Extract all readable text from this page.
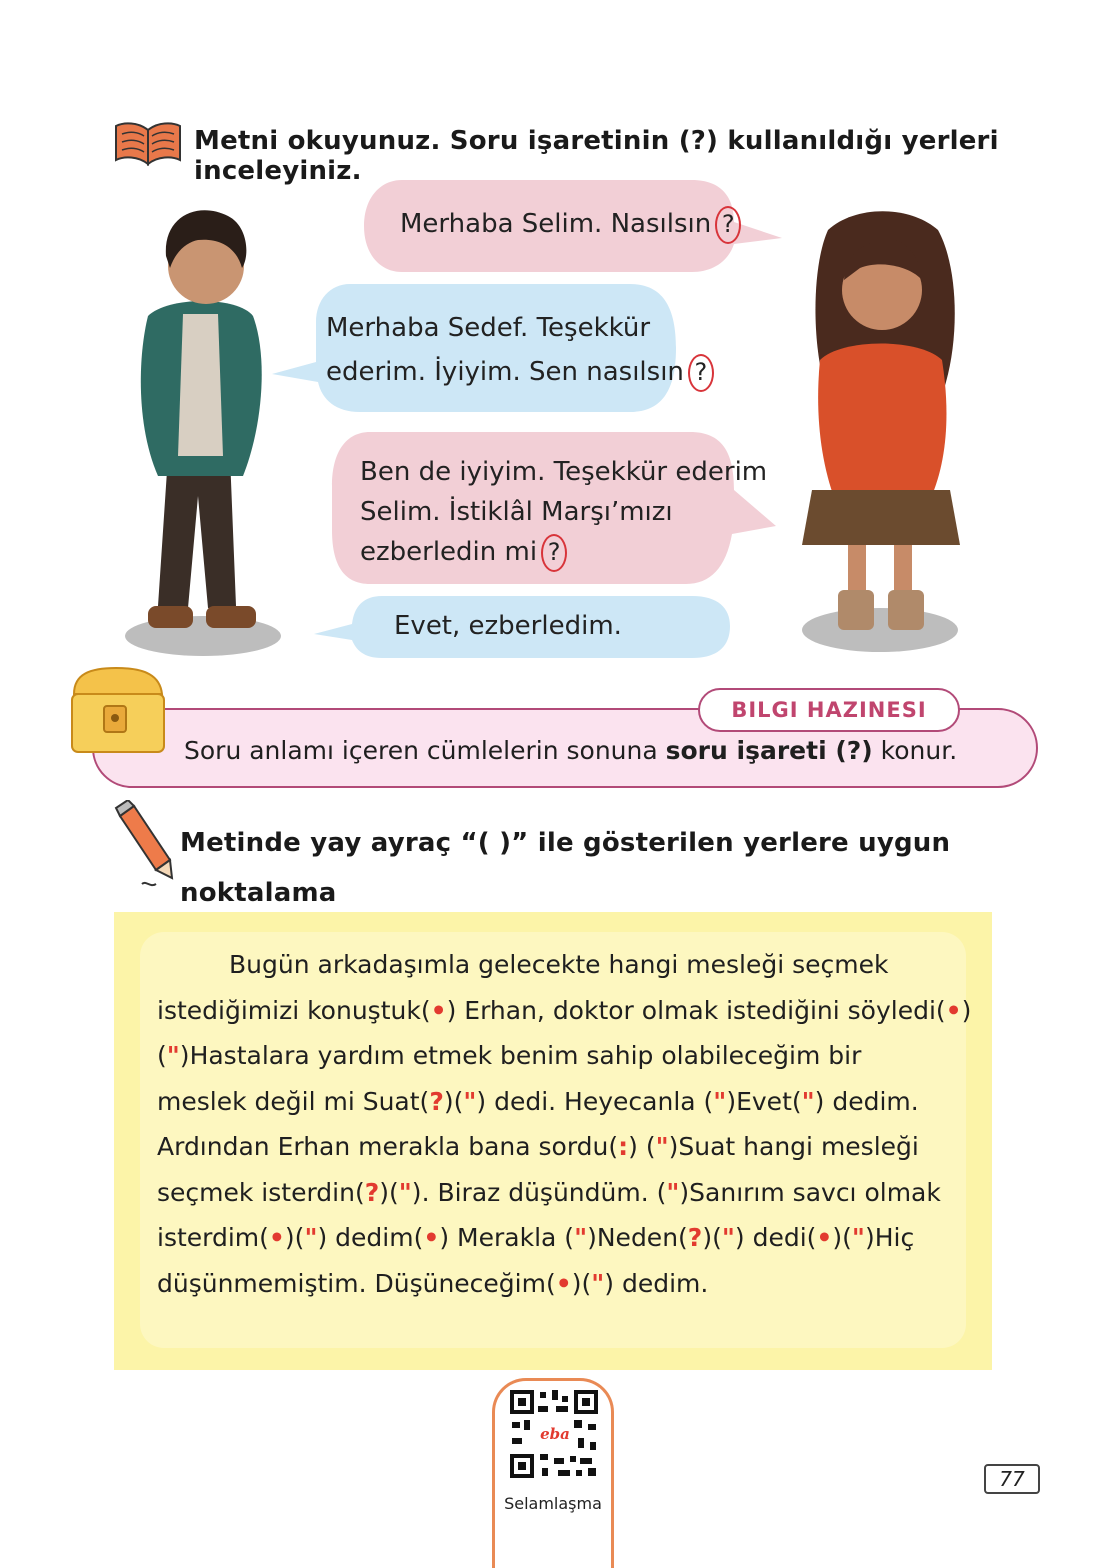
Metni okuyunuz. Soru işaretinin (?) kullanıldığı yerleri inceleyiniz.
Merhaba Selim. Nasılsın ?
Merhaba Sedef. Teşekkür
ederim. İyiyim. Sen nasılsın ?
Ben de iyiyim. Teşekkür ederim
Selim. İstiklâl Marşı’mızı
ezberledin mi ?
Evet, ezberledim.
BILGI HAZINESI
Soru anlamı içeren cümlelerin sonuna soru işareti (?) konur.
Metinde yay ayraç “( )” ile gösterilen yerlere uygun noktalama
Bugün arkadaşımla gelecekte hangi mesleği seçmek
istediğimizi konuştuk(•) Erhan, doktor olmak istediğini söyledi(•)
(")Hastalara yardım etmek benim sahip olabileceğim bir
meslek değil mi Suat(?)(") dedi. Heyecanla (")Evet(") dedim.
Ardından Erhan merakla bana sordu(:) (")Suat hangi mesleği
seçmek isterdin(?)("). Biraz düşündüm. (")Sanırım savcı olmak
isterdim(•)(") dedim(•) Merakla (")Neden(?)(") dedi(•)(")Hiç
düşünmemiştim. Düşüneceğim(•)(") dedim.
eba
Selamlaşma
77
